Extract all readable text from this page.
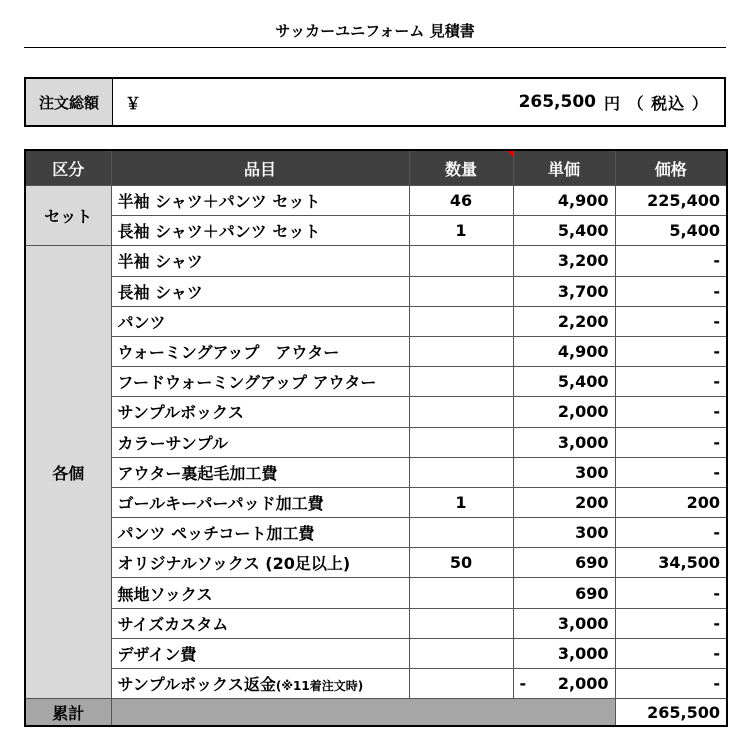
サッカーユニフォーム 見積書
注文総額	￥	265,500 円 （ 税込 ）
区分	品目	数量	単価	価格
セット	半袖 シャツ＋パンツ セット	46	4,900	225,400
	長袖 シャツ＋パンツ セット	1	5,400	5,400
各個	半袖 シャツ		3,200	-
	長袖 シャツ		3,700	-
	パンツ		2,200	-
	ウォーミングアップ　アウター		4,900	-
	フードウォーミングアップ アウター		5,400	-
	サンプルボックス		2,000	-
	カラーサンプル		3,000	-
	アウター裏起毛加工費		300	-
	ゴールキーパーパッド加工費	1	200	200
	パンツ ペッチコート加工費		300	-
	オリジナルソックス (20足以上)	50	690	34,500
	無地ソックス		690	-
	サイズカスタム		3,000	-
	デザイン費		3,000	-
	サンプルボックス返金(※11着注文時)		- 2,000	-
累計				265,500
